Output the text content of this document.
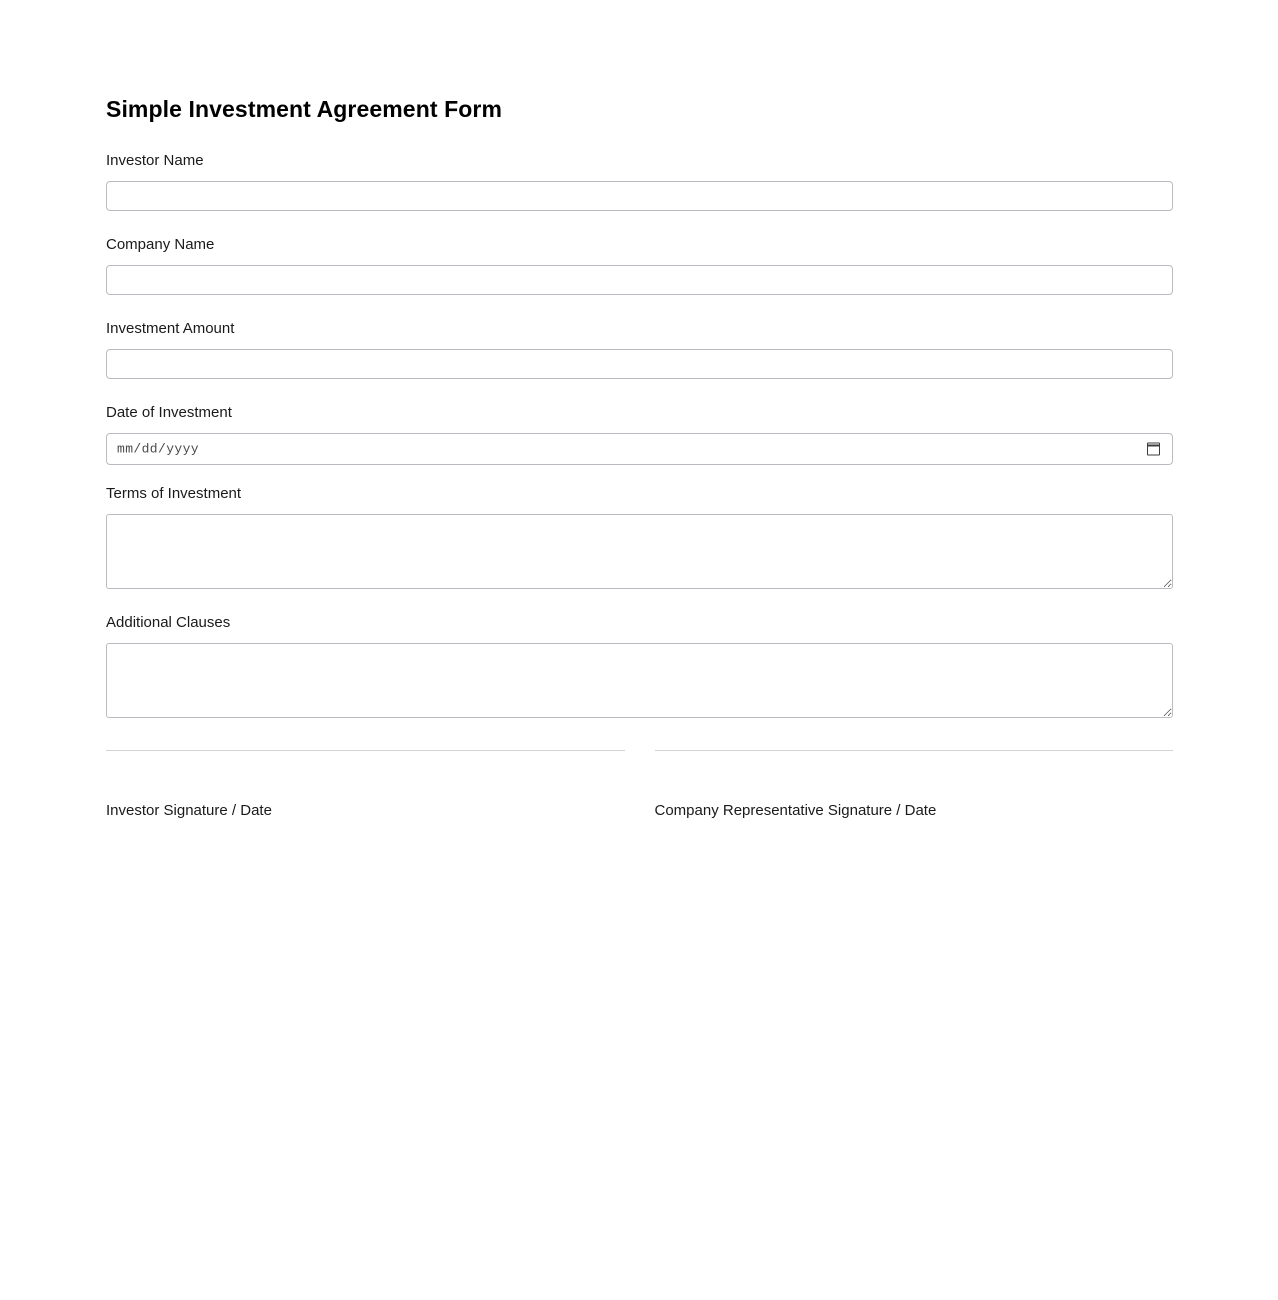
Simple Investment Agreement Form
Investor Name
Company Name
Investment Amount
Date of Investment
mm/dd/yyyy
Terms of Investment
Additional Clauses
Investor Signature / Date	Company Representative Signature / Date
